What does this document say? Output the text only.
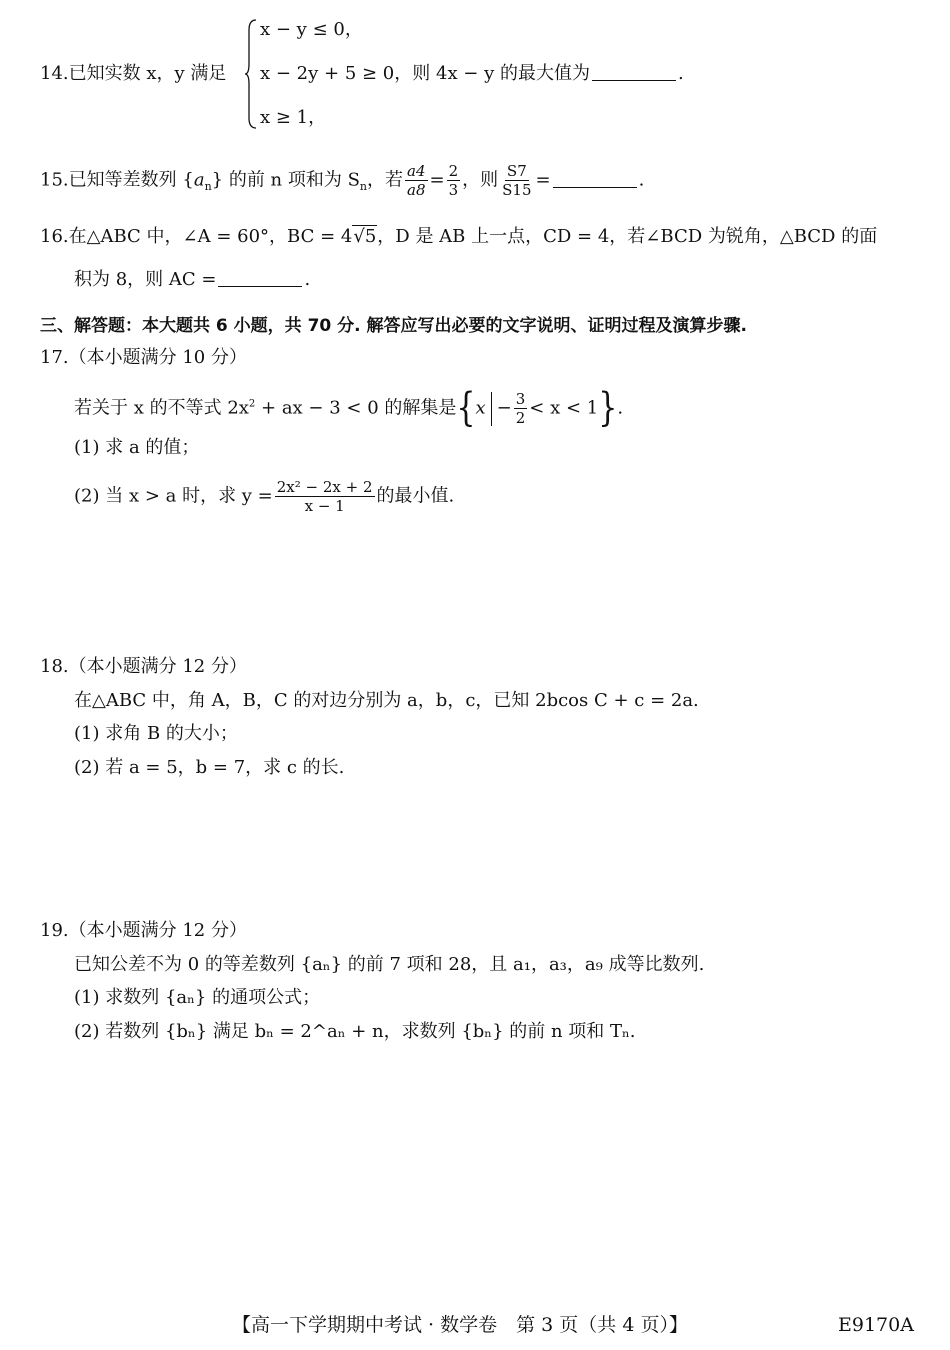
14.已知实数 x，y 满足
x − y ≤ 0，
x − 2y + 5 ≥ 0，则 4x − y 的最大值为	.
x ≥ 1，
15.已知等差数列 $\{a_n\}$ 的前 n 项和为 $S_n$，若 $\frac{a4}{a8} = \frac{2}{3}$ ，则 $\frac{S7}{S15}$ =	.
16.在△ABC 中，∠A = 60°，BC = 4√5，D 是 AB 上一点，CD = 4，若∠BCD 为锐角，△BCD 的面
积为 8，则 AC =	.
三、解答题：本大题共 6 小题，共 70 分. 解答应写出必要的文字说明、证明过程及演算步骤.
17.（本小题满分 10 分）
若关于 x 的不等式 $2x^2$ + ax − 3 < 0 的解集是$\{x - \frac{3}{2} < x < 1\}$.
(1) 求 a 的值；
(2) 当 x > a 时，求 $y = \frac{\text{2x² − 2x + 2}}{x - 1}$ 的最小值.
18.（本小题满分 12 分）
在△ABC 中，角 A，B，C 的对边分别为 a，b，c，已知 2bcos C + c = 2a.
(1) 求角 B 的大小；
(2) 若 a = 5，b = 7，求 c 的长.
19.（本小题满分 12 分）
已知公差不为 0 的等差数列 {aₙ} 的前 7 项和 28，且 a₁，a₃，a₉ 成等比数列.
(1) 求数列 {aₙ} 的通项公式；
(2) 若数列 {bₙ} 满足 bₙ = 2^aₙ + n，求数列 {bₙ} 的前 n 项和 Tₙ.
【高一下学期期中考试 · 数学卷　第 3 页（共 4 页）】	E9170A
